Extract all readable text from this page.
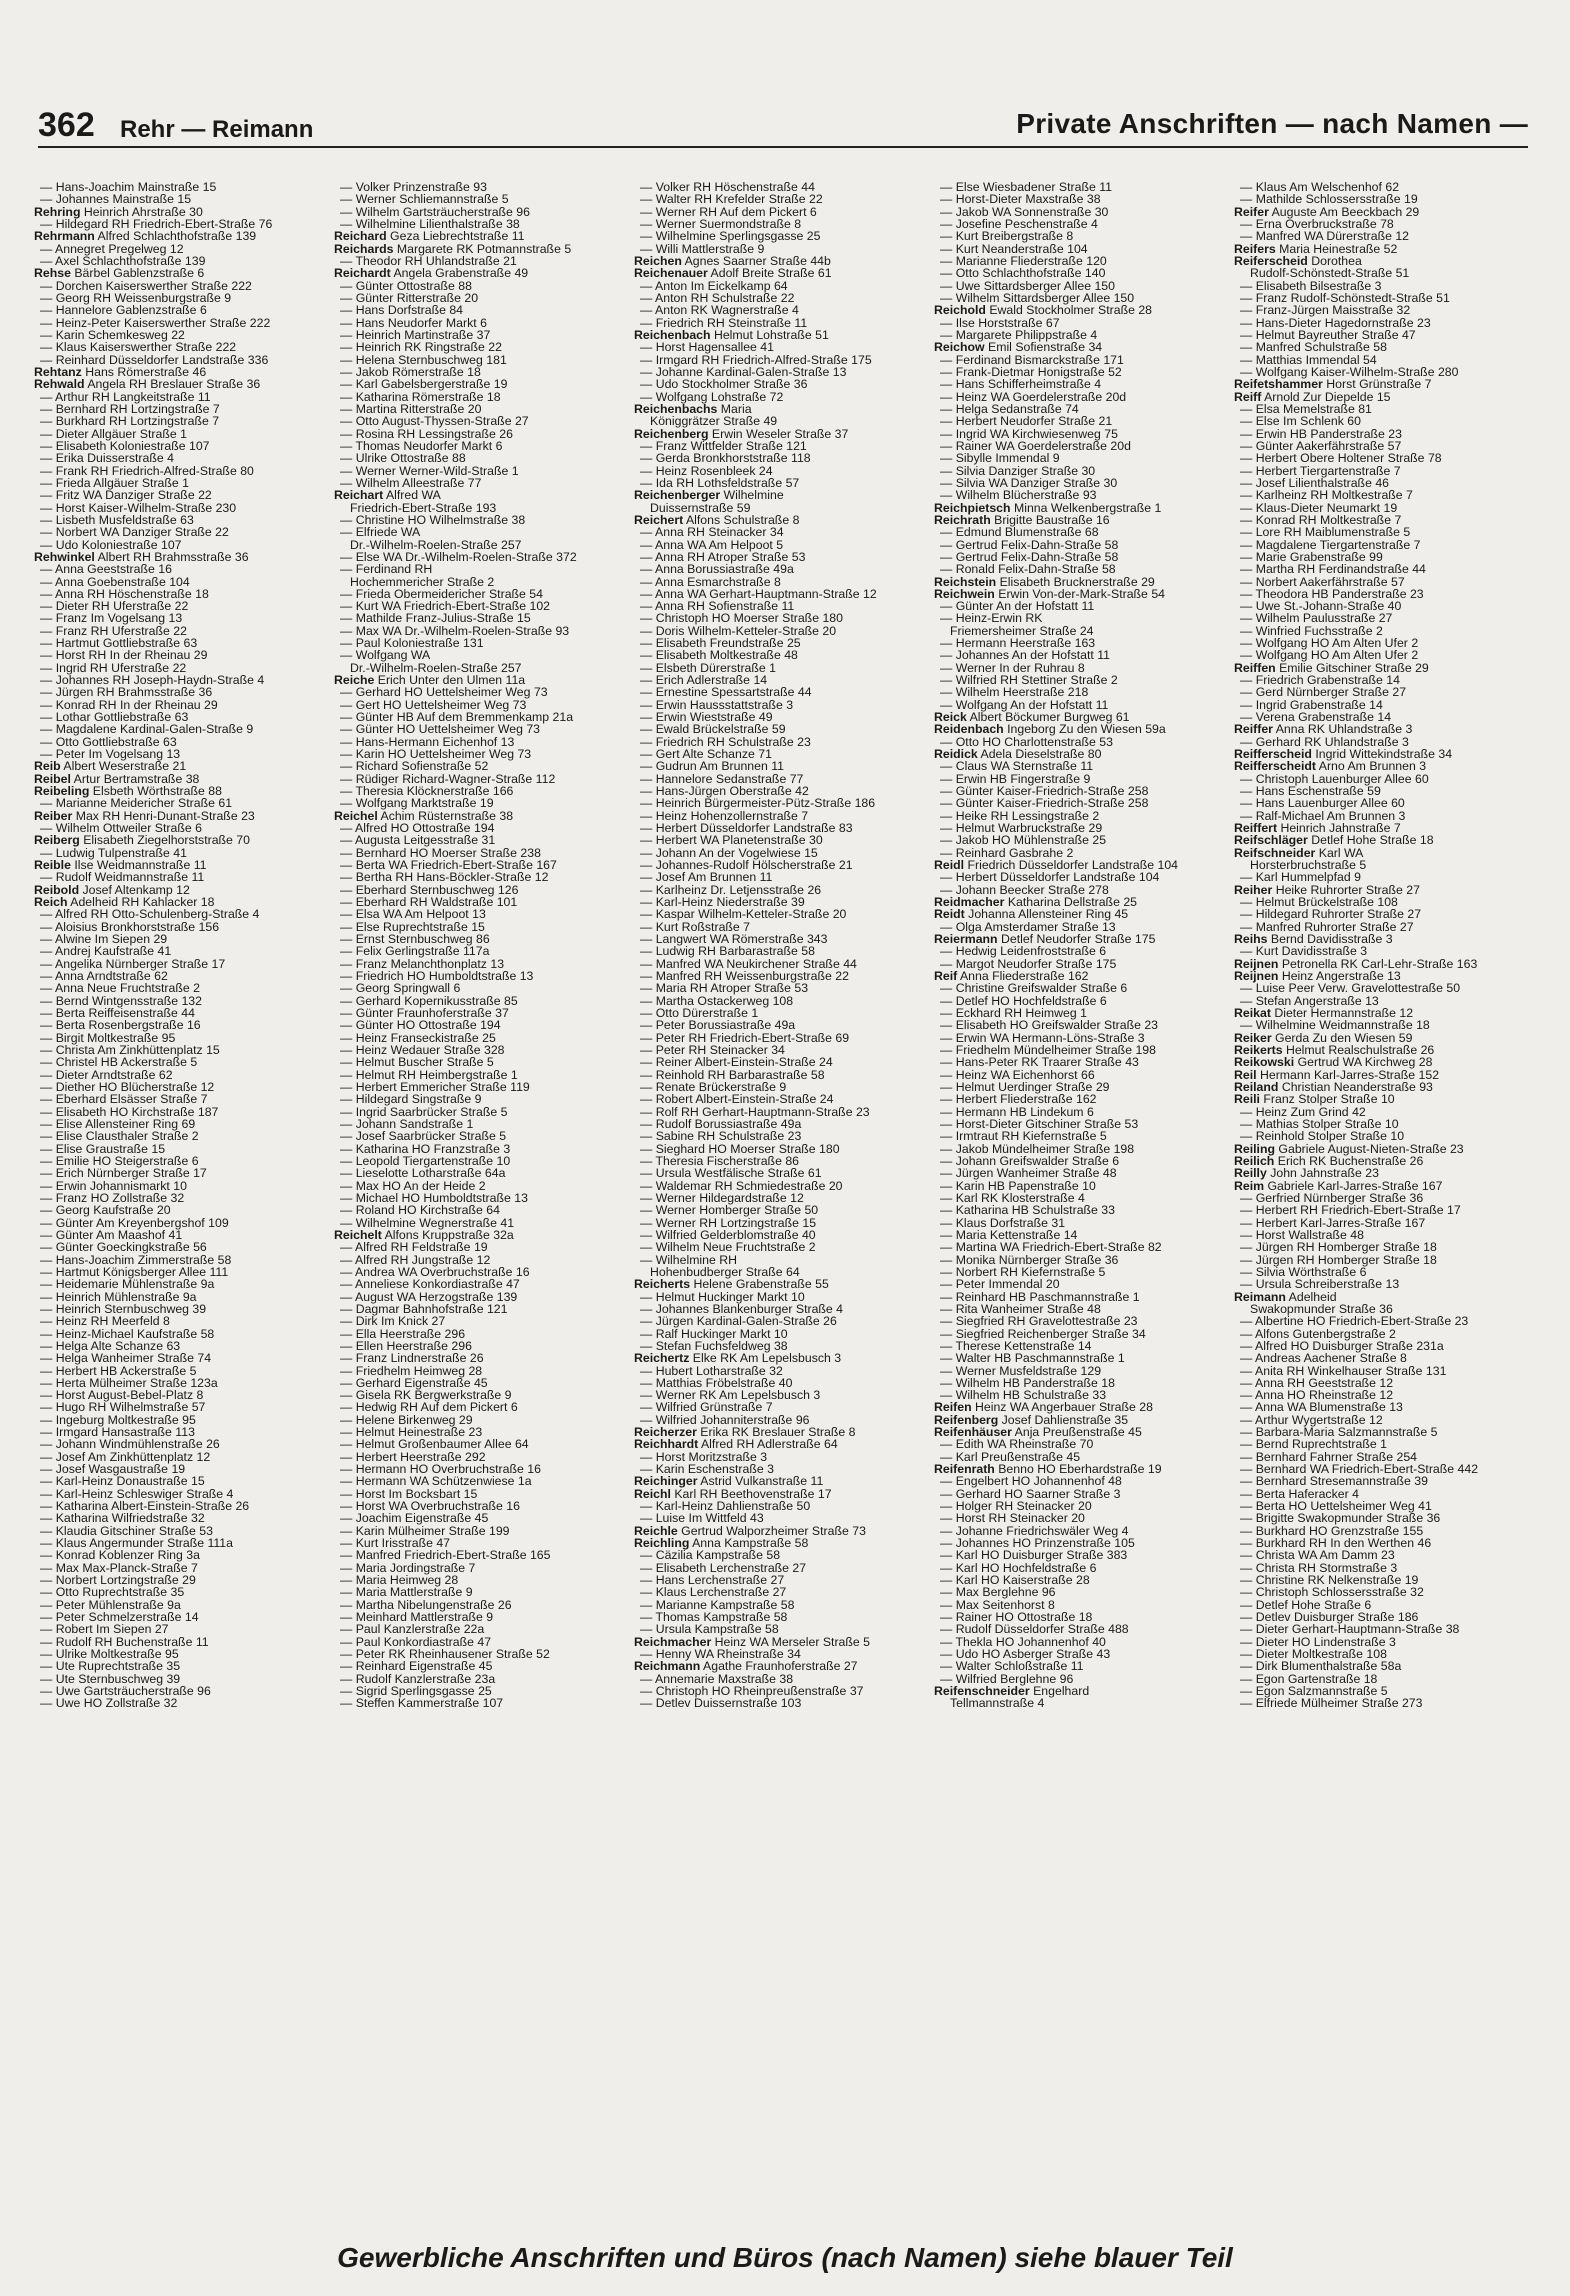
362 Rehr — Reimann	Private Anschriften — nach Namen —
— Hans-Joachim Mainstraße 15
— Johannes Mainstraße 15
Rehring Heinrich Ahrstraße 30
— Hildegard RH Friedrich-Ebert-Straße 76
Rehrmann Alfred Schlachthofstraße 139
— Annegret Pregelweg 12
— Axel Schlachthofstraße 139
Rehse Bärbel Gablenzstraße 6
— Dorchen Kaiserswerther Straße 222
— Georg RH Weissenburgstraße 9
— Hannelore Gablenzstraße 6
— Heinz-Peter Kaiserswerther Straße 222
— Karin Schemkesweg 22
— Klaus Kaiserswerther Straße 222
— Reinhard Düsseldorfer Landstraße 336
Rehtanz Hans Römerstraße 46
Rehwald Angela RH Breslauer Straße 36
— Arthur RH Langkeitstraße 11
— Bernhard RH Lortzingstraße 7
— Burkhard RH Lortzingstraße 7
— Dieter Allgäuer Straße 1
— Elisabeth Koloniestraße 107
— Erika Duisserstraße 4
— Frank RH Friedrich-Alfred-Straße 80
— Frieda Allgäuer Straße 1
— Fritz WA Danziger Straße 22
— Horst Kaiser-Wilhelm-Straße 230
— Lisbeth Musfeldstraße 63
— Norbert WA Danziger Straße 22
— Udo Koloniestraße 107
Rehwinkel Albert RH Brahmsstraße 36
— Anna Geeststraße 16
— Anna Goebenstraße 104
— Anna RH Höschenstraße 18
— Dieter RH Uferstraße 22
— Franz Im Vogelsang 13
— Franz RH Uferstraße 22
— Hartmut Gottliebstraße 63
— Horst RH In der Rheinau 29
— Ingrid RH Uferstraße 22
— Johannes RH Joseph-Haydn-Straße 4
— Jürgen RH Brahmsstraße 36
— Konrad RH In der Rheinau 29
— Lothar Gottliebstraße 63
— Magdalene Kardinal-Galen-Straße 9
— Otto Gottliebstraße 63
— Peter Im Vogelsang 13
Reib Albert Weserstraße 21
Reibel Artur Bertramstraße 38
Reibeling Elsbeth Wörthstraße 88
— Marianne Meidericher Straße 61
Reiber Max RH Henri-Dunant-Straße 23
— Wilhelm Ottweiler Straße 6
Reiberg Elisabeth Ziegelhorststraße 70
— Ludwig Tulpenstraße 41
Reible Ilse Weidmannstraße 11
— Rudolf Weidmannstraße 11
Reibold Josef Altenkamp 12
Reich Adelheid RH Kahlacker 18
— Alfred RH Otto-Schulenberg-Straße 4
— Aloisius Bronkhorststraße 156
— Alwine Im Siepen 29
— Andrej Kaufstraße 41
— Angelika Nürnberger Straße 17
— Anna Arndtstraße 62
— Anna Neue Fruchtstraße 2
— Bernd Wintgensstraße 132
— Berta Reiffeisenstraße 44
— Berta Rosenbergstraße 16
— Birgit Moltkestraße 95
— Christa Am Zinkhüttenplatz 15
— Christel HB Ackerstraße 5
— Dieter Arndtstraße 62
— Diether HO Blücherstraße 12
— Eberhard Elsässer Straße 7
— Elisabeth HO Kirchstraße 187
— Elise Allensteiner Ring 69
— Elise Clausthaler Straße 2
— Elise Graustraße 15
— Emilie HO Steigerstraße 6
— Erich Nürnberger Straße 17
— Erwin Johannismarkt 10
— Franz HO Zollstraße 32
— Georg Kaufstraße 20
— Günter Am Kreyenbergshof 109
— Günter Am Maashof 41
— Günter Goeckingkstraße 56
— Hans-Joachim Zimmerstraße 58
— Hartmut Königsberger Allee 111
— Heidemarie Mühlenstraße 9a
— Heinrich Mühlenstraße 9a
— Heinrich Sternbuschweg 39
— Heinz RH Meerfeld 8
— Heinz-Michael Kaufstraße 58
— Helga Alte Schanze 63
— Helga Wanheimer Straße 74
— Herbert HB Ackerstraße 5
— Herta Mülheimer Straße 123a
— Horst August-Bebel-Platz 8
— Hugo RH Wilhelmstraße 57
— Ingeburg Moltkestraße 95
— Irmgard Hansastraße 113
— Johann Windmühlenstraße 26
— Josef Am Zinkhüttenplatz 12
— Josef Wasgaustraße 19
— Karl-Heinz Donaustraße 15
— Karl-Heinz Schleswiger Straße 4
— Katharina Albert-Einstein-Straße 26
— Katharina Wilfriedstraße 32
— Klaudia Gitschiner Straße 53
— Klaus Angermunder Straße 111a
— Konrad Koblenzer Ring 3a
— Max Max-Planck-Straße 7
— Norbert Lortzingstraße 29
— Otto Ruprechtstraße 35
— Peter Mühlenstraße 9a
— Peter Schmelzerstraße 14
— Robert Im Siepen 27
— Rudolf RH Buchenstraße 11
— Ulrike Moltkestraße 95
— Ute Ruprechtstraße 35
— Ute Sternbuschweg 39
— Uwe Gartsträucherstraße 96
— Uwe HO Zollstraße 32
— Volker Prinzenstraße 93
— Werner Schliemannstraße 5
— Wilhelm Gartsträucherstraße 96
— Wilhelmine Lilienthalstraße 38
Reichard Geza Liebrechtstraße 11
Reichards Margarete RK Potmannstraße 5
— Theodor RH Uhlandstraße 21
Reichardt Angela Grabenstraße 49
— Günter Ottostraße 88
— Günter Ritterstraße 20
— Hans Dorfstraße 84
— Hans Neudorfer Markt 6
— Heinrich Martinstraße 37
— Heinrich RK Ringstraße 22
— Helena Sternbuschweg 181
— Jakob Römerstraße 18
— Karl Gabelsbergerstraße 19
— Katharina Römerstraße 18
— Martina Ritterstraße 20
— Otto August-Thyssen-Straße 27
— Rosina RH Lessingstraße 26
— Thomas Neudorfer Markt 6
— Ulrike Ottostraße 88
— Werner Werner-Wild-Straße 1
— Wilhelm Alleestraße 77
Reichart Alfred WA
Friedrich-Ebert-Straße 193
— Christine HO Wilhelmstraße 38
— Elfriede WA
Dr.-Wilhelm-Roelen-Straße 257
— Else WA Dr.-Wilhelm-Roelen-Straße 372
— Ferdinand RH
Hochemmericher Straße 2
— Frieda Obermeidericher Straße 54
— Kurt WA Friedrich-Ebert-Straße 102
— Mathilde Franz-Julius-Straße 15
— Max WA Dr.-Wilhelm-Roelen-Straße 93
— Paul Koloniestraße 131
— Wolfgang WA
Dr.-Wilhelm-Roelen-Straße 257
Reiche Erich Unter den Ulmen 11a
— Gerhard HO Uettelsheimer Weg 73
— Gert HO Uettelsheimer Weg 73
— Günter HB Auf dem Bremmenkamp 21a
— Günter HO Uettelsheimer Weg 73
— Hans-Hermann Eichenhof 13
— Karin HO Uettelsheimer Weg 73
— Richard Sofienstraße 52
— Rüdiger Richard-Wagner-Straße 112
— Theresia Klöcknerstraße 166
— Wolfgang Marktstraße 19
Reichel Achim Rüsternstraße 38
— Alfred HO Ottostraße 194
— Augusta Leitgesstraße 31
— Bernhard HO Moerser Straße 238
— Berta WA Friedrich-Ebert-Straße 167
— Bertha RH Hans-Böckler-Straße 12
— Eberhard Sternbuschweg 126
— Eberhard RH Waldstraße 101
— Elsa WA Am Helpoot 13
— Else Ruprechtstraße 15
— Ernst Sternbuschweg 86
— Felix Gerlingstraße 117a
— Franz Melanchthonplatz 13
— Friedrich HO Humboldtstraße 13
— Georg Springwall 6
— Gerhard Kopernikusstraße 85
— Günter Fraunhoferstraße 37
— Günter HO Ottostraße 194
— Heinz Franseckistraße 25
— Heinz Wedauer Straße 328
— Helmut Buscher Straße 5
— Helmut RH Heimbergstraße 1
— Herbert Emmericher Straße 119
— Hildegard Singstraße 9
— Ingrid Saarbrücker Straße 5
— Johann Sandstraße 1
— Josef Saarbrücker Straße 5
— Katharina HO Franzstraße 3
— Leopold Tiergartenstraße 10
— Lieselotte Lotharstraße 64a
— Max HO An der Heide 2
— Michael HO Humboldtstraße 13
— Roland HO Kirchstraße 64
— Wilhelmine Wegnerstraße 41
Reichelt Alfons Kruppstraße 32a
— Alfred RH Feldstraße 19
— Alfred RH Jungstraße 12
— Andrea WA Overbruchstraße 16
— Anneliese Konkordiastraße 47
— August WA Herzogstraße 139
— Dagmar Bahnhofstraße 121
— Dirk Im Knick 27
— Ella Heerstraße 296
— Ellen Heerstraße 296
— Franz Lindnerstraße 26
— Friedhelm Heimweg 28
— Gerhard Eigenstraße 45
— Gisela RK Bergwerkstraße 9
— Hedwig RH Auf dem Pickert 6
— Helene Birkenweg 29
— Helmut Heinestraße 23
— Helmut Großenbaumer Allee 64
— Herbert Heerstraße 292
— Hermann HO Overbruchstraße 16
— Hermann WA Schützenwiese 1a
— Horst Im Bocksbart 15
— Horst WA Overbruchstraße 16
— Joachim Eigenstraße 45
— Karin Mülheimer Straße 199
— Kurt Irisstraße 47
— Manfred Friedrich-Ebert-Straße 165
— Maria Jordingstraße 7
— Maria Heimweg 28
— Maria Mattlerstraße 9
— Martha Nibelungenstraße 26
— Meinhard Mattlerstraße 9
— Paul Kanzlerstraße 22a
— Paul Konkordiastraße 47
— Peter RK Rheinhausener Straße 52
— Reinhard Eigenstraße 45
— Rudolf Kanzlerstraße 23a
— Sigrid Sperlingsgasse 25
— Steffen Kammerstraße 107
— Volker RH Höschenstraße 44
— Walter RH Krefelder Straße 22
— Werner RH Auf dem Pickert 6
— Werner Suermondstraße 8
— Wilhelmine Sperlingsgasse 25
— Willi Mattlerstraße 9
Reichen Agnes Saarner Straße 44b
Reichenauer Adolf Breite Straße 61
— Anton Im Eickelkamp 64
— Anton RH Schulstraße 22
— Anton RK Wagnerstraße 4
— Friedrich RH Steinstraße 11
Reichenbach Helmut Lohstraße 51
— Horst Hagensallee 41
— Irmgard RH Friedrich-Alfred-Straße 175
— Johanne Kardinal-Galen-Straße 13
— Udo Stockholmer Straße 36
— Wolfgang Lohstraße 72
Reichenbachs Maria
Königgrätzer Straße 49
Reichenberg Erwin Weseler Straße 37
— Franz Wittfelder Straße 121
— Gerda Bronkhorststraße 118
— Heinz Rosenbleek 24
— Ida RH Lothsfeldstraße 57
Reichenberger Wilhelmine
Duissernstraße 59
Reichert Alfons Schulstraße 8
— Anna RH Steinacker 34
— Anna WA Am Helpoot 5
— Anna RH Atroper Straße 53
— Anna Borussiastraße 49a
— Anna Esmarchstraße 8
— Anna WA Gerhart-Hauptmann-Straße 12
— Anna RH Sofienstraße 11
— Christoph HO Moerser Straße 180
— Doris Wilhelm-Ketteler-Straße 20
— Elisabeth Freundstraße 25
— Elisabeth Moltkestraße 48
— Elsbeth Dürerstraße 1
— Erich Adlerstraße 14
— Ernestine Spessartstraße 44
— Erwin Haussstattstraße 3
— Erwin Wieststraße 49
— Ewald Brückelstraße 59
— Friedrich RH Schulstraße 23
— Gert Alte Schanze 71
— Gudrun Am Brunnen 11
— Hannelore Sedanstraße 77
— Hans-Jürgen Oberstraße 42
— Heinrich Bürgermeister-Pütz-Straße 186
— Heinz Hohenzollernstraße 7
— Herbert Düsseldorfer Landstraße 83
— Herbert WA Planetenstraße 30
— Johann An der Vogelwiese 15
— Johannes-Rudolf Hölscherstraße 21
— Josef Am Brunnen 11
— Karlheinz Dr. Letjensstraße 26
— Karl-Heinz Niederstraße 39
— Kaspar Wilhelm-Ketteler-Straße 20
— Kurt Roßstraße 7
— Langwert WA Römerstraße 343
— Ludwig RH Barbarastraße 58
— Manfred WA Neukirchener Straße 44
— Manfred RH Weissenburgstraße 22
— Maria RH Atroper Straße 53
— Martha Ostackerweg 108
— Otto Dürerstraße 1
— Peter Borussiastraße 49a
— Peter RH Friedrich-Ebert-Straße 69
— Peter RH Steinacker 34
— Reiner Albert-Einstein-Straße 24
— Reinhold RH Barbarastraße 58
— Renate Brückerstraße 9
— Robert Albert-Einstein-Straße 24
— Rolf RH Gerhart-Hauptmann-Straße 23
— Rudolf Borussiastraße 49a
— Sabine RH Schulstraße 23
— Sieghard HO Moerser Straße 180
— Theresia Fischerstraße 86
— Ursula Westfälische Straße 61
— Waldemar RH Schmiedestraße 20
— Werner Hildegardstraße 12
— Werner Homberger Straße 50
— Werner RH Lortzingstraße 15
— Wilfried Gelderblomstraße 40
— Wilhelm Neue Fruchtstraße 2
— Wilhelmine RH
Hohenbudberger Straße 64
Reicherts Helene Grabenstraße 55
— Helmut Huckinger Markt 10
— Johannes Blankenburger Straße 4
— Jürgen Kardinal-Galen-Straße 26
— Ralf Huckinger Markt 10
— Stefan Fuchsfeldweg 38
Reichertz Elke RK Am Lepelsbusch 3
— Hubert Lotharstraße 32
— Matthias Fröbelstraße 40
— Werner RK Am Lepelsbusch 3
— Wilfried Grünstraße 7
— Wilfried Johanniterstraße 96
Reicherzer Erika RK Breslauer Straße 8
Reichhardt Alfred RH Adlerstraße 64
— Horst Moritzstraße 3
— Karin Eschenstraße 3
Reichinger Astrid Vulkanstraße 11
Reichl Karl RH Beethovenstraße 17
— Karl-Heinz Dahlienstraße 50
— Luise Im Wittfeld 43
Reichle Gertrud Walporzheimer Straße 73
Reichling Anna Kampstraße 58
— Cäzilia Kampstraße 58
— Elisabeth Lerchenstraße 27
— Hans Lerchenstraße 27
— Klaus Lerchenstraße 27
— Marianne Kampstraße 58
— Thomas Kampstraße 58
— Ursula Kampstraße 58
Reichmacher Heinz WA Merseler Straße 5
— Henny WA Rheinstraße 34
Reichmann Agathe Fraunhoferstraße 27
— Annemarie Maxstraße 38
— Christoph HO Rheinpreußenstraße 37
— Detlev Duissernstraße 103
— Else Wiesbadener Straße 11
— Horst-Dieter Maxstraße 38
— Jakob WA Sonnenstraße 30
— Josefine Peschenstraße 4
— Kurt Breibergstraße 8
— Kurt Neanderstraße 104
— Marianne Fliederstraße 120
— Otto Schlachthofstraße 140
— Uwe Sittardsberger Allee 150
— Wilhelm Sittardsberger Allee 150
Reichold Ewald Stockholmer Straße 28
— Ilse Horststraße 67
— Margarete Philippstraße 4
Reichow Emil Sofienstraße 34
— Ferdinand Bismarckstraße 171
— Frank-Dietmar Honigstraße 52
— Hans Schifferheimstraße 4
— Heinz WA Goerdelerstraße 20d
— Helga Sedanstraße 74
— Herbert Neudorfer Straße 21
— Ingrid WA Kirchwiesenweg 75
— Rainer WA Goerdelerstraße 20d
— Sibylle Immendal 9
— Silvia Danziger Straße 30
— Silvia WA Danziger Straße 30
— Wilhelm Blücherstraße 93
Reichpietsch Minna Welkenbergstraße 1
Reichrath Brigitte Baustraße 16
— Edmund Blumenstraße 68
— Gertrud Felix-Dahn-Straße 58
— Gertrud Felix-Dahn-Straße 58
— Ronald Felix-Dahn-Straße 58
Reichstein Elisabeth Brucknerstraße 29
Reichwein Erwin Von-der-Mark-Straße 54
— Günter An der Hofstatt 11
— Heinz-Erwin RK
Friemersheimer Straße 24
— Hermann Heerstraße 163
— Johannes An der Hofstatt 11
— Werner In der Ruhrau 8
— Wilfried RH Stettiner Straße 2
— Wilhelm Heerstraße 218
— Wolfgang An der Hofstatt 11
Reick Albert Böckumer Burgweg 61
Reidenbach Ingeborg Zu den Wiesen 59a
— Otto HO Charlottenstraße 53
Reidick Adela Dieselstraße 80
— Claus WA Sternstraße 11
— Erwin HB Fingerstraße 9
— Günter Kaiser-Friedrich-Straße 258
— Günter Kaiser-Friedrich-Straße 258
— Heike RH Lessingstraße 2
— Helmut Warbruckstraße 29
— Jakob HO Mühlenstraße 25
— Reinhard Gasbrahe 2
Reidl Friedrich Düsseldorfer Landstraße 104
— Herbert Düsseldorfer Landstraße 104
— Johann Beecker Straße 278
Reidmacher Katharina Dellstraße 25
Reidt Johanna Allensteiner Ring 45
— Olga Amsterdamer Straße 13
Reiermann Detlef Neudorfer Straße 175
— Hedwig Leidenfroststraße 6
— Margot Neudorfer Straße 175
Reif Anna Fliederstraße 162
— Christine Greifswalder Straße 6
— Detlef HO Hochfeldstraße 6
— Eckhard RH Heimweg 1
— Elisabeth HO Greifswalder Straße 23
— Erwin WA Hermann-Löns-Straße 3
— Friedhelm Mündelheimer Straße 198
— Hans-Peter RK Traarer Straße 43
— Heinz WA Eichenhorst 66
— Helmut Uerdinger Straße 29
— Herbert Fliederstraße 162
— Hermann HB Lindekum 6
— Horst-Dieter Gitschiner Straße 53
— Irmtraut RH Kiefernstraße 5
— Jakob Mündelheimer Straße 198
— Johann Greifswalder Straße 6
— Jürgen Wanheimer Straße 48
— Karin HB Papenstraße 10
— Karl RK Klosterstraße 4
— Katharina HB Schulstraße 33
— Klaus Dorfstraße 31
— Maria Kettenstraße 14
— Martina WA Friedrich-Ebert-Straße 82
— Monika Nürnberger Straße 36
— Norbert RH Kiefernstraße 5
— Peter Immendal 20
— Reinhard HB Paschmannstraße 1
— Rita Wanheimer Straße 48
— Siegfried RH Gravelottestraße 23
— Siegfried Reichenberger Straße 34
— Therese Kettenstraße 14
— Walter HB Paschmannstraße 1
— Werner Musfeldstraße 129
— Wilhelm HB Panderstraße 18
— Wilhelm HB Schulstraße 33
Reifen Heinz WA Angerbauer Straße 28
Reifenberg Josef Dahlienstraße 35
Reifenhäuser Anja Preußenstraße 45
— Edith WA Rheinstraße 70
— Karl Preußenstraße 45
Reifenrath Benno HO Eberhardstraße 19
— Engelbert HO Johannenhof 48
— Gerhard HO Saarner Straße 3
— Holger RH Steinacker 20
— Horst RH Steinacker 20
— Johanne Friedrichswäler Weg 4
— Johannes HO Prinzenstraße 105
— Karl HO Duisburger Straße 383
— Karl HO Hochfeldstraße 6
— Karl HO Kaiserstraße 28
— Max Berglehne 96
— Max Seitenhorst 8
— Rainer HO Ottostraße 18
— Rudolf Düsseldorfer Straße 488
— Thekla HO Johannenhof 40
— Udo HO Asberger Straße 43
— Walter Schloßstraße 11
— Wilfried Berglehne 96
Reifenschneider Engelhard
Tellmannstraße 4
— Klaus Am Welschenhof 62
— Mathilde Schlossersstraße 19
Reifer Auguste Am Beeckbach 29
— Erna Overbruckstraße 78
— Manfred WA Dürerstraße 12
Reifers Maria Heinestraße 52
Reiferscheid Dorothea
Rudolf-Schönstedt-Straße 51
— Elisabeth Bilsestraße 3
— Franz Rudolf-Schönstedt-Straße 51
— Franz-Jürgen Maisstraße 32
— Hans-Dieter Hagedornstraße 23
— Helmut Bayreuther Straße 47
— Manfred Schulstraße 58
— Matthias Immendal 54
— Wolfgang Kaiser-Wilhelm-Straße 280
Reifetshammer Horst Grünstraße 7
Reiff Arnold Zur Diepelde 15
— Elsa Memelstraße 81
— Else Im Schlenk 60
— Erwin HB Panderstraße 23
— Günter Aakerfährstraße 57
— Herbert Obere Holtener Straße 78
— Herbert Tiergartenstraße 7
— Josef Lilienthalstraße 46
— Karlheinz RH Moltkestraße 7
— Klaus-Dieter Neumarkt 19
— Konrad RH Moltkestraße 7
— Lore RH Maiblumenstraße 5
— Magdalene Tiergartenstraße 7
— Marie Grabenstraße 99
— Martha RH Ferdinandstraße 44
— Norbert Aakerfährstraße 57
— Theodora HB Panderstraße 23
— Uwe St.-Johann-Straße 40
— Wilhelm Paulusstraße 27
— Winfried Fuchsstraße 2
— Wolfgang HO Am Alten Ufer 2
— Wolfgang HO Am Alten Ufer 2
Reiffen Emilie Gitschiner Straße 29
— Friedrich Grabenstraße 14
— Gerd Nürnberger Straße 27
— Ingrid Grabenstraße 14
— Verena Grabenstraße 14
Reiffer Anna RK Uhlandstraße 3
— Gerhard RK Uhlandstraße 3
Reifferscheid Ingrid Wittekindstraße 34
Reifferscheidt Arno Am Brunnen 3
— Christoph Lauenburger Allee 60
— Hans Eschenstraße 59
— Hans Lauenburger Allee 60
— Ralf-Michael Am Brunnen 3
Reiffert Heinrich Jahnstraße 7
Reifschläger Detlef Hohe Straße 18
Reifschneider Karl WA
Horsterbruchstraße 5
— Karl Hummelpfad 9
Reiher Heike Ruhrorter Straße 27
— Helmut Brückelstraße 108
— Hildegard Ruhrorter Straße 27
— Manfred Ruhrorter Straße 27
Reihs Bernd Davidisstraße 3
— Kurt Davidisstraße 3
Reijnen Petronella RK Carl-Lehr-Straße 163
Reijnen Heinz Angerstraße 13
— Luise Peer Verw. Gravelottestraße 50
— Stefan Angerstraße 13
Reikat Dieter Hermannstraße 12
— Wilhelmine Weidmannstraße 18
Reiker Gerda Zu den Wiesen 59
Reikerts Helmut Realschulstraße 26
Reikowski Gertrud WA Kirchweg 28
Reil Hermann Karl-Jarres-Straße 152
Reiland Christian Neanderstraße 93
Reili Franz Stolper Straße 10
— Heinz Zum Grind 42
— Mathias Stolper Straße 10
— Reinhold Stolper Straße 10
Reiling Gabriele August-Nieten-Straße 23
Reilich Erich RK Buchenstraße 26
Reilly John Jahnstraße 23
Reim Gabriele Karl-Jarres-Straße 167
— Gerfried Nürnberger Straße 36
— Herbert RH Friedrich-Ebert-Straße 17
— Herbert Karl-Jarres-Straße 167
— Horst Wallstraße 48
— Jürgen RH Homberger Straße 18
— Jürgen RH Homberger Straße 18
— Silvia Wörthstraße 6
— Ursula Schreiberstraße 13
Reimann Adelheid
Swakopmunder Straße 36
— Albertine HO Friedrich-Ebert-Straße 23
— Alfons Gutenbergstraße 2
— Alfred HO Duisburger Straße 231a
— Andreas Aachener Straße 8
— Anita RH Winkelhauser Straße 131
— Anna RH Geeststraße 12
— Anna HO Rheinstraße 12
— Anna WA Blumenstraße 13
— Arthur Wygertstraße 12
— Barbara-Maria Salzmannstraße 5
— Bernd Ruprechtstraße 1
— Bernhard Fahrner Straße 254
— Bernhard WA Friedrich-Ebert-Straße 442
— Bernhard Stresemannstraße 39
— Berta Haferacker 4
— Berta HO Uettelsheimer Weg 41
— Brigitte Swakopmunder Straße 36
— Burkhard HO Grenzstraße 155
— Burkhard RH In den Werthen 46
— Christa WA Am Damm 23
— Christa RH Stormstraße 3
— Christine RK Nelkenstraße 19
— Christoph Schlossersstraße 32
— Detlef Hohe Straße 6
— Detlev Duisburger Straße 186
— Dieter Gerhart-Hauptmann-Straße 38
— Dieter HO Lindenstraße 3
— Dieter Moltkestraße 108
— Dirk Blumenthalstraße 58a
— Egon Gartenstraße 18
— Egon Salzmannstraße 5
— Elfriede Mülheimer Straße 273
Gewerbliche Anschriften und Büros (nach Namen) siehe blauer Teil
